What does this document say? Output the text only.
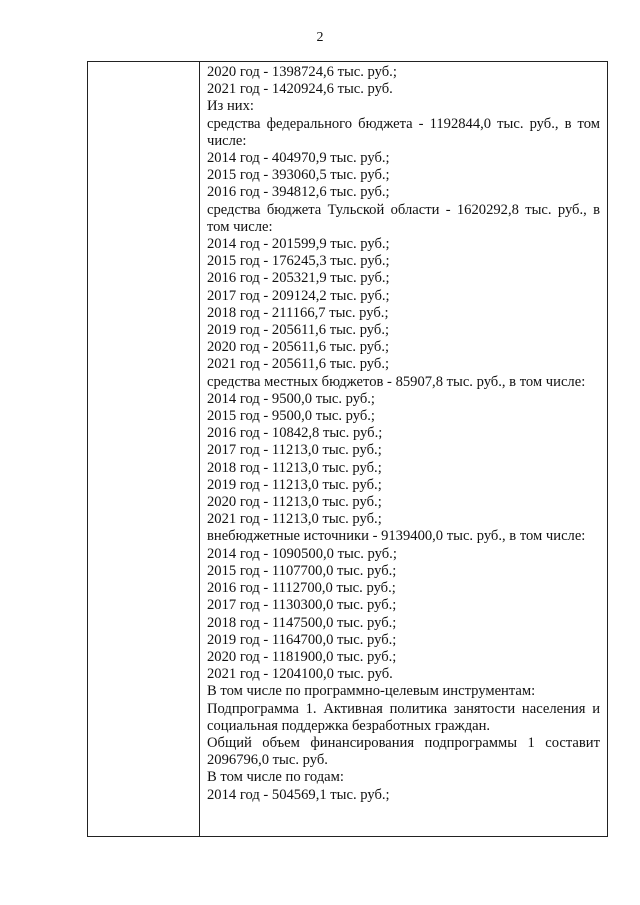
2
2020 год - 1398724,6 тыс. руб.;
2021 год - 1420924,6 тыс. руб.
Из них:
средства федерального бюджета - 1192844,0 тыс. руб., в том числе:
2014 год - 404970,9 тыс. руб.;
2015 год - 393060,5 тыс. руб.;
2016 год - 394812,6 тыс. руб.;
средства бюджета Тульской области - 1620292,8 тыс. руб., в том числе:
2014 год - 201599,9 тыс. руб.;
2015 год - 176245,3 тыс. руб.;
2016 год - 205321,9 тыс. руб.;
2017 год - 209124,2 тыс. руб.;
2018 год - 211166,7 тыс. руб.;
2019 год - 205611,6 тыс. руб.;
2020 год - 205611,6 тыс. руб.;
2021 год - 205611,6 тыс. руб.;
средства местных бюджетов - 85907,8 тыс. руб., в том числе:
2014 год - 9500,0 тыс. руб.;
2015 год - 9500,0 тыс. руб.;
2016 год - 10842,8 тыс. руб.;
2017 год - 11213,0 тыс. руб.;
2018 год - 11213,0 тыс. руб.;
2019 год - 11213,0 тыс. руб.;
2020 год - 11213,0 тыс. руб.;
2021 год - 11213,0 тыс. руб.;
внебюджетные источники - 9139400,0 тыс. руб., в том числе:
2014 год - 1090500,0 тыс. руб.;
2015 год - 1107700,0 тыс. руб.;
2016 год - 1112700,0 тыс. руб.;
2017 год - 1130300,0 тыс. руб.;
2018 год - 1147500,0 тыс. руб.;
2019 год - 1164700,0 тыс. руб.;
2020 год - 1181900,0 тыс. руб.;
2021 год - 1204100,0 тыс. руб.
В том числе по программно-целевым инструментам:
Подпрограмма 1. Активная политика занятости населения и социальная поддержка безработных граждан.
Общий объем финансирования подпрограммы 1 составит 2096796,0 тыс. руб.
В том числе по годам:
2014 год - 504569,1 тыс. руб.;
